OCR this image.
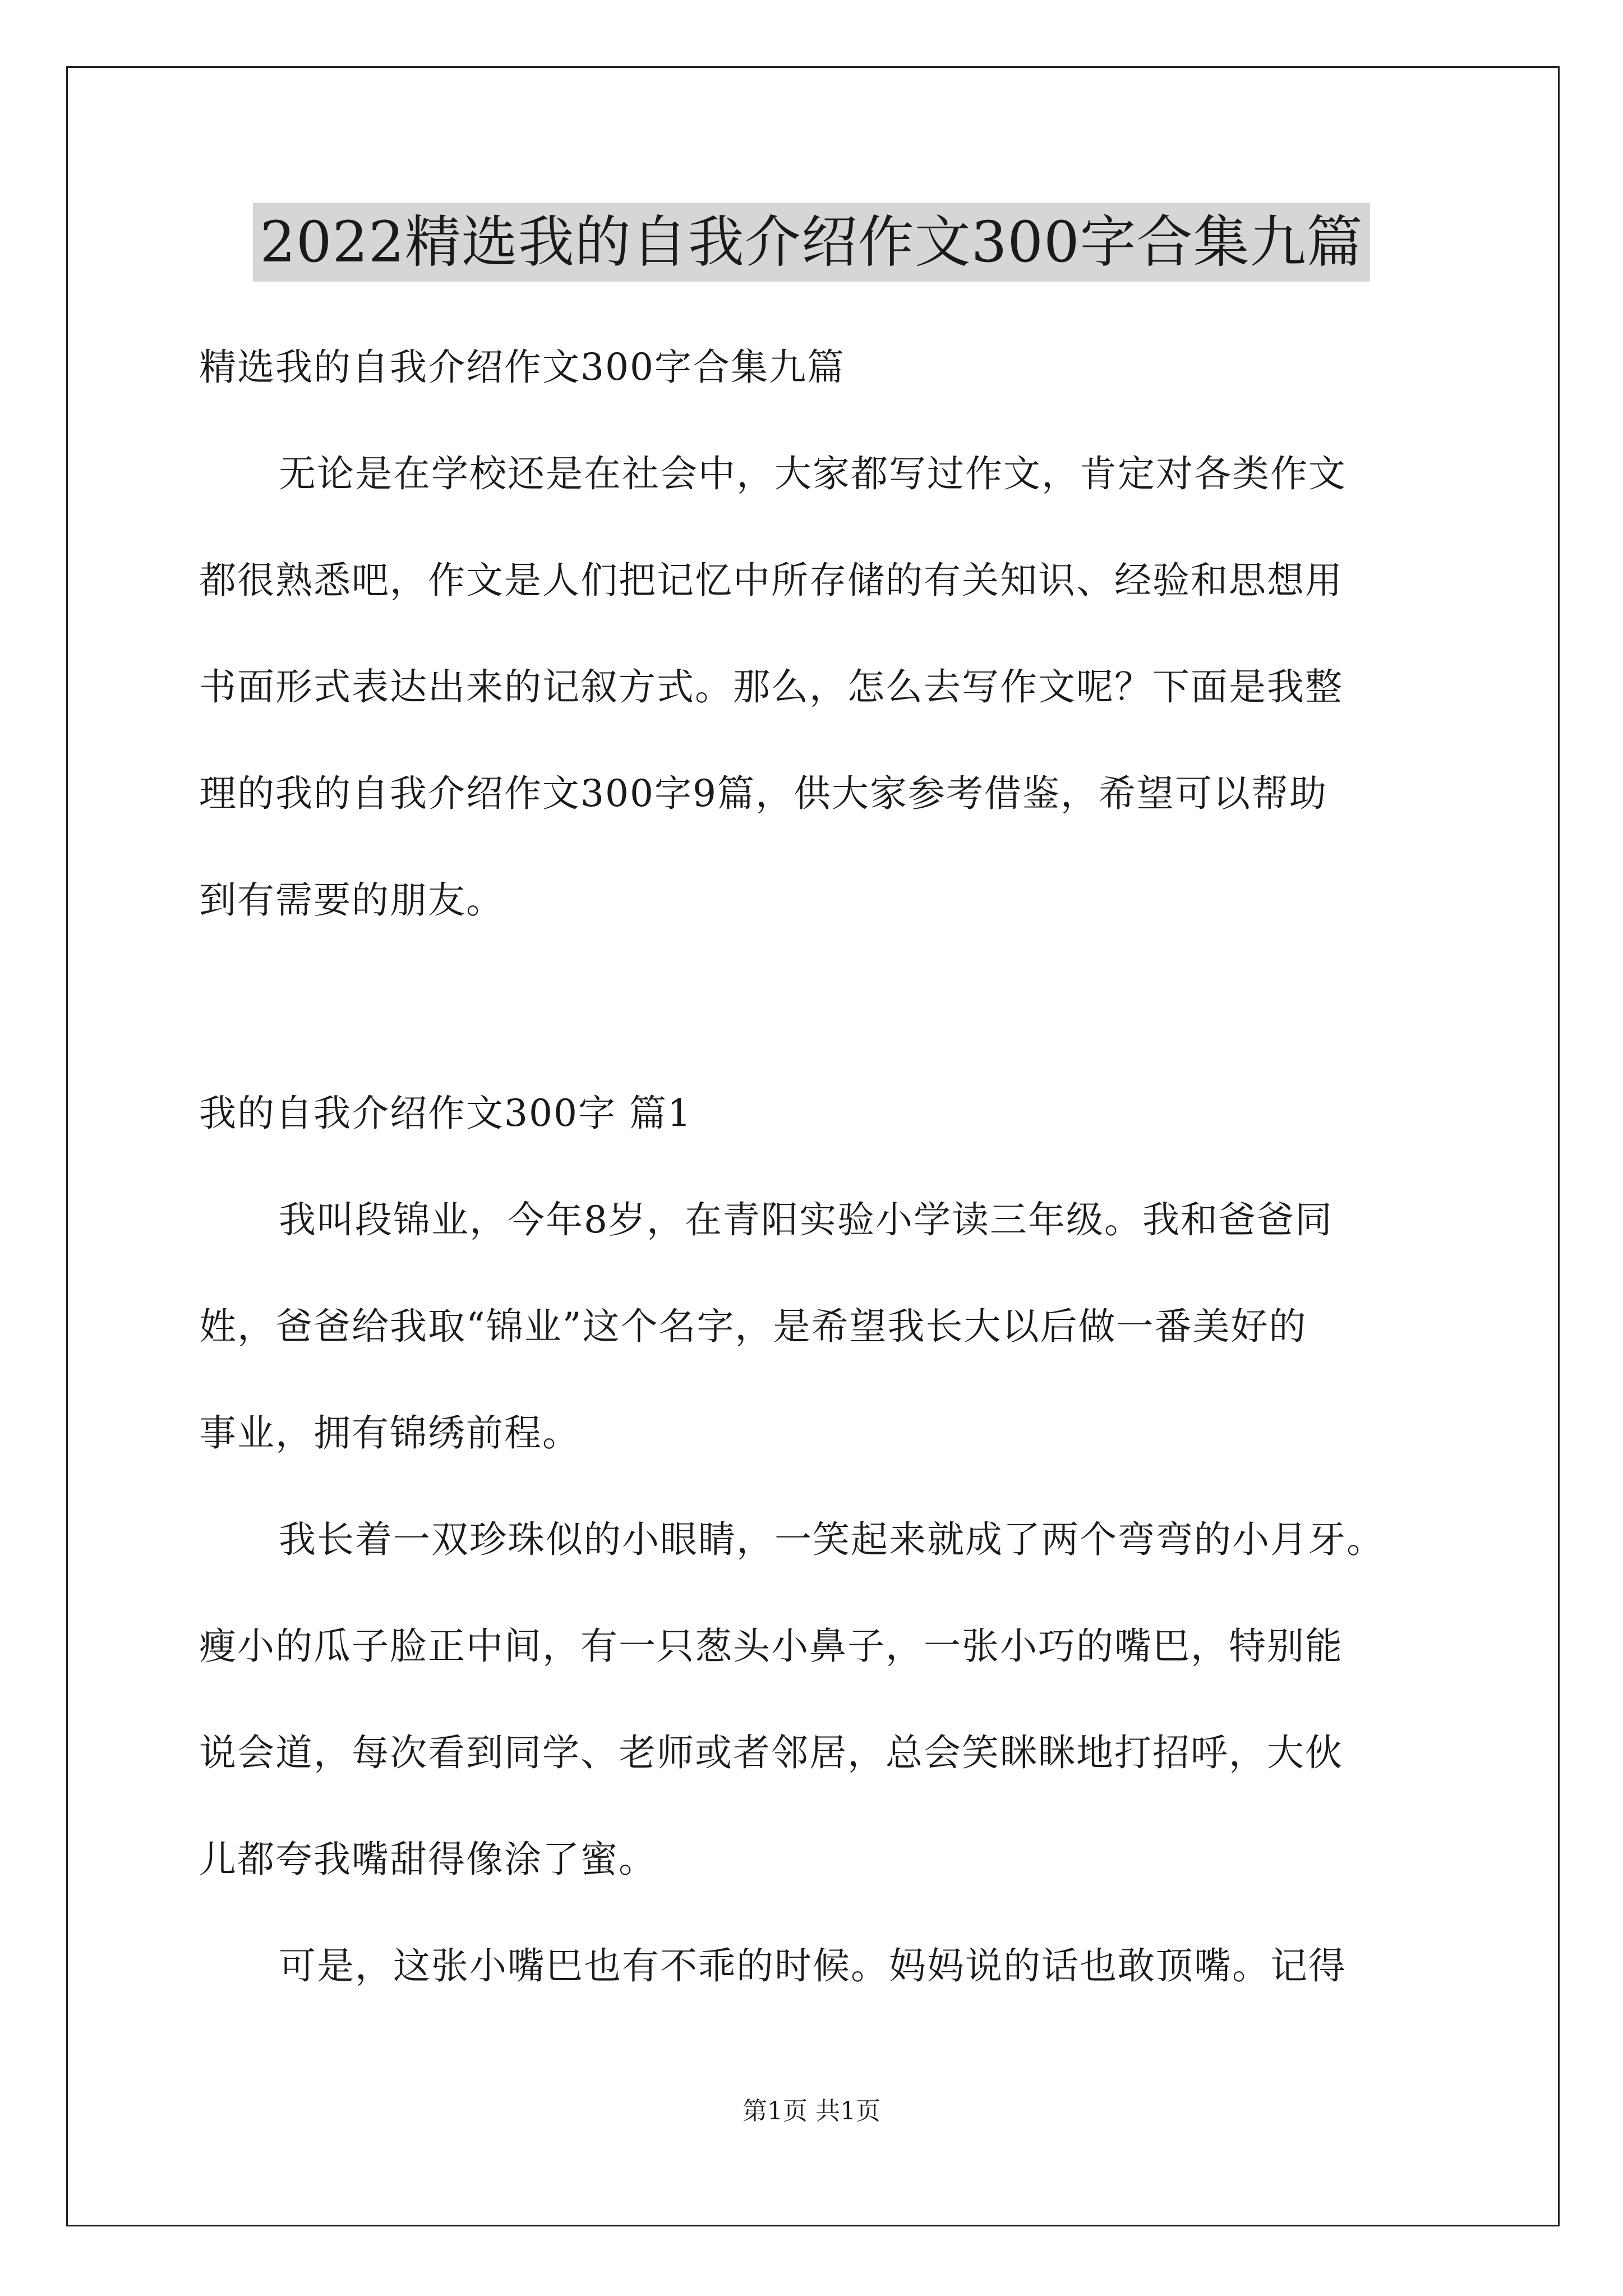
2022精选我的自我介绍作文300字合集九篇
精选我的自我介绍作文300字合集九篇
无论是在学校还是在社会中，大家都写过作文，肯定对各类作文
都很熟悉吧，作文是人们把记忆中所存储的有关知识、经验和思想用
书面形式表达出来的记叙方式。那么，怎么去写作文呢？下面是我整
理的我的自我介绍作文300字9篇，供大家参考借鉴，希望可以帮助
到有需要的朋友。
我的自我介绍作文300字 篇1
我叫段锦业，今年8岁，在青阳实验小学读三年级。我和爸爸同
姓，爸爸给我取“锦业”这个名字，是希望我长大以后做一番美好的
事业，拥有锦绣前程。
我长着一双珍珠似的小眼睛，一笑起来就成了两个弯弯的小月牙。
瘦小的瓜子脸正中间，有一只葱头小鼻子，一张小巧的嘴巴，特别能
说会道，每次看到同学、老师或者邻居，总会笑眯眯地打招呼，大伙
儿都夸我嘴甜得像涂了蜜。
可是，这张小嘴巴也有不乖的时候。妈妈说的话也敢顶嘴。记得
第1页 共1页
